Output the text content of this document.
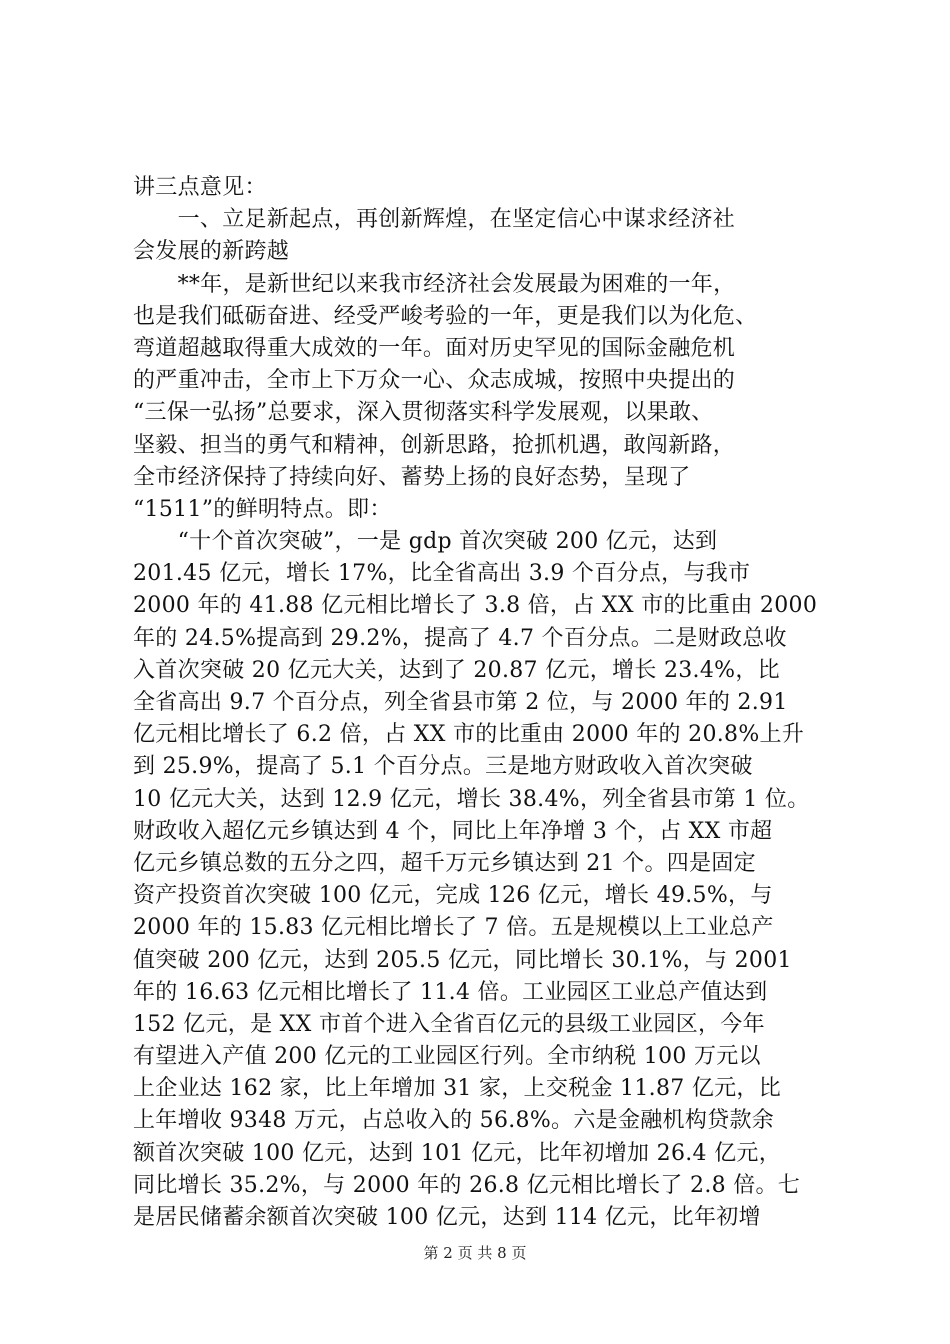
讲三点意见：
　　一、立足新起点，再创新辉煌，在坚定信心中谋求经济社
会发展的新跨越
　　**年，是新世纪以来我市经济社会发展最为困难的一年，
也是我们砥砺奋进、经受严峻考验的一年，更是我们以为化危、
弯道超越取得重大成效的一年。面对历史罕见的国际金融危机
的严重冲击，全市上下万众一心、众志成城，按照中央提出的
“三保一弘扬”总要求，深入贯彻落实科学发展观，以果敢、
坚毅、担当的勇气和精神，创新思路，抢抓机遇，敢闯新路，
全市经济保持了持续向好、蓄势上扬的良好态势，呈现了
“1511”的鲜明特点。即：
　　“十个首次突破”，一是 gdp 首次突破 200 亿元，达到
201.45 亿元，增长 17%，比全省高出 3.9 个百分点，与我市
2000 年的 41.88 亿元相比增长了 3.8 倍，占 XX 市的比重由 2000
年的 24.5%提高到 29.2%，提高了 4.7 个百分点。二是财政总收
入首次突破 20 亿元大关，达到了 20.87 亿元，增长 23.4%，比
全省高出 9.7 个百分点，列全省县市第 2 位，与 2000 年的 2.91
亿元相比增长了 6.2 倍，占 XX 市的比重由 2000 年的 20.8%上升
到 25.9%，提高了 5.1 个百分点。三是地方财政收入首次突破
10 亿元大关，达到 12.9 亿元，增长 38.4%，列全省县市第 1 位。
财政收入超亿元乡镇达到 4 个，同比上年净增 3 个，占 XX 市超
亿元乡镇总数的五分之四，超千万元乡镇达到 21 个。四是固定
资产投资首次突破 100 亿元，完成 126 亿元，增长 49.5%，与
2000 年的 15.83 亿元相比增长了 7 倍。五是规模以上工业总产
值突破 200 亿元，达到 205.5 亿元，同比增长 30.1%，与 2001
年的 16.63 亿元相比增长了 11.4 倍。工业园区工业总产值达到
152 亿元，是 XX 市首个进入全省百亿元的县级工业园区，今年
有望进入产值 200 亿元的工业园区行列。全市纳税 100 万元以
上企业达 162 家，比上年增加 31 家，上交税金 11.87 亿元，比
上年增收 9348 万元，占总收入的 56.8%。六是金融机构贷款余
额首次突破 100 亿元，达到 101 亿元，比年初增加 26.4 亿元，
同比增长 35.2%，与 2000 年的 26.8 亿元相比增长了 2.8 倍。七
是居民储蓄余额首次突破 100 亿元，达到 114 亿元，比年初增
第 2 页 共 8 页
